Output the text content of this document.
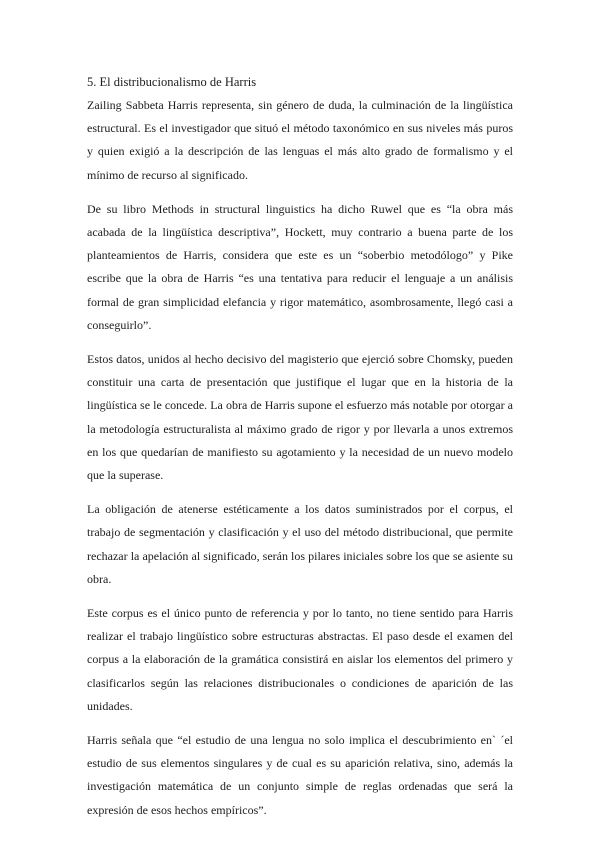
5. El distribucionalismo de Harris

Zailing Sabbeta Harris representa, sin género de duda, la culminación de la lingüística estructural. Es el investigador que situó el método taxonómico en sus niveles más puros y quien exigió a la descripción de las lenguas el más alto grado de formalismo y el mínimo de recurso al significado.

De su libro Methods in structural linguistics ha dicho Ruwel que es “la obra más acabada de la lingüística descriptiva”, Hockett, muy contrario a buena parte de los planteamientos de Harris, considera que este es un “soberbio metodólogo” y Pike escribe que la obra de Harris “es una tentativa para reducir el lenguaje a un análisis formal de gran simplicidad elefancia y rigor matemático, asombrosamente, llegó casi a conseguirlo”.

Estos datos, unidos al hecho decisivo del magisterio que ejerció sobre Chomsky, pueden constituir una carta de presentación que justifique el lugar que en la historia de la lingüística se le concede. La obra de Harris supone el esfuerzo más notable por otorgar a la metodología estructuralista al máximo grado de rigor y por llevarla a unos extremos en los que quedarían de manifiesto su agotamiento y la necesidad de un nuevo modelo que la superase.

La obligación de atenerse estéticamente a los datos suministrados por el corpus, el trabajo de segmentación y clasificación y el uso del método distribucional, que permite rechazar la apelación al significado, serán los pilares iniciales sobre los que se asiente su obra.

Este corpus es el único punto de referencia y por lo tanto, no tiene sentido para Harris realizar el trabajo lingüístico sobre estructuras abstractas. El paso desde el examen del corpus a la elaboración de la gramática consistirá en aislar los elementos del primero y clasificarlos según las relaciones distribucionales o condiciones de aparición de las unidades.

Harris señala que “el estudio de una lengua no solo implica el descubrimiento en` ´el estudio de sus elementos singulares y de cual es su aparición relativa, sino, además la investigación matemática de un conjunto simple de reglas ordenadas que será la expresión de esos hechos empíricos”.
